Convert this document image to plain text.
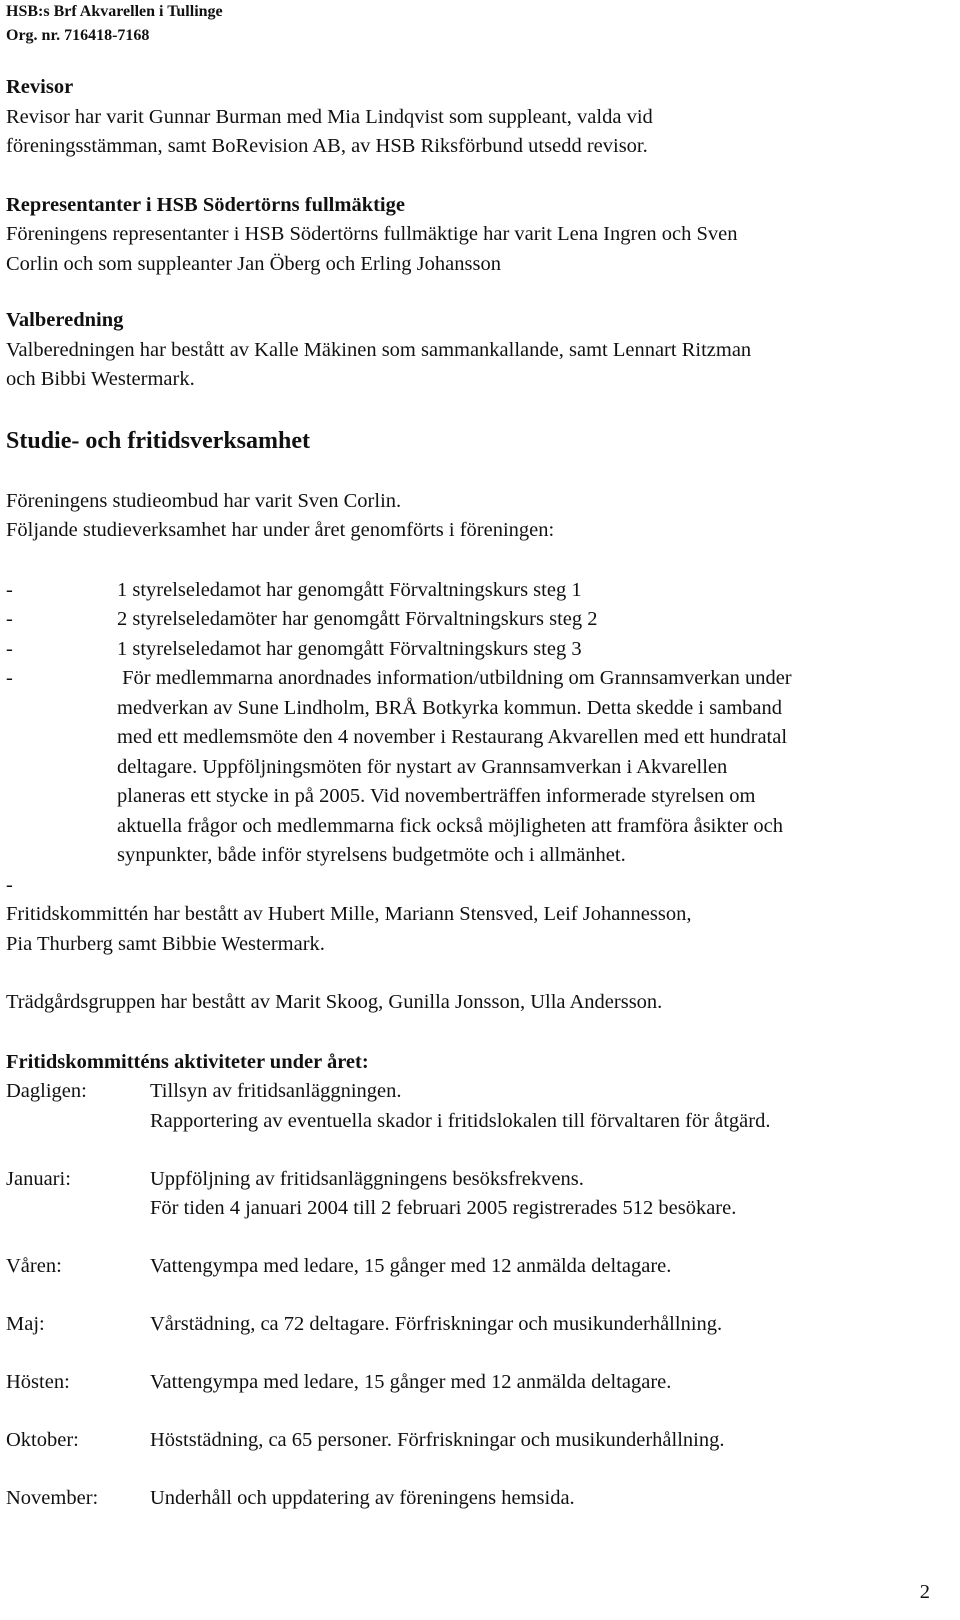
HSB:s Brf Akvarellen i Tullinge
Org. nr. 716418-7168

Revisor

Revisor har varit Gunnar Burman med Mia Lindqvist som suppleant, valda vid

föreningsstämman, samt BoRevision AB, av HSB Riksförbund utsedd revisor.

Representanter i HSB Södertörns fullmäktige

Föreningens representanter i HSB Södertörns fullmäktige har varit Lena Ingren och Sven

Corlin och som suppleanter Jan Öberg och Erling Johansson

Valberedning

Valberedningen har bestått av Kalle Mäkinen som sammankallande, samt Lennart Ritzman

och Bibbi Westermark.

Studie- och fritidsverksamhet

Föreningens studieombud har varit Sven Corlin.

Följande studieverksamhet har under året genomförts i föreningen:

-	1 styrelseledamot har genomgått Förvaltningskurs steg 1
-	2 styrelseledamöter har genomgått Förvaltningskurs steg 2
-	1 styrelseledamot har genomgått Förvaltningskurs steg 3
-	För medlemmarna anordnades information/utbildning om Grannsamverkan under
medverkan av Sune Lindholm, BRÅ Botkyrka kommun. Detta skedde i samband
med ett medlemsmöte den 4 november i Restaurang Akvarellen med ett hundratal
deltagare. Uppföljningsmöten för nystart av Grannsamverkan i Akvarellen
planeras ett stycke in på 2005. Vid novemberträffen informerade styrelsen om
aktuella frågor och medlemmarna fick också möjligheten att framföra åsikter och
synpunkter, både inför styrelsens budgetmöte och i allmänhet.
-

Fritidskommittén har bestått av Hubert Mille, Mariann Stensved, Leif Johannesson,

Pia Thurberg samt Bibbie Westermark.

Trädgårdsgruppen har bestått av Marit Skoog, Gunilla Jonsson, Ulla Andersson.

Fritidskommitténs aktiviteter under året:

Dagligen:	Tillsyn av fritidsanläggningen.
Rapportering av eventuella skador i fritidslokalen till förvaltaren för åtgärd.
Januari:	Uppföljning av fritidsanläggningens besöksfrekvens.
För tiden 4 januari 2004 till 2 februari 2005 registrerades 512 besökare.
Våren:	Vattengympa med ledare, 15 gånger med 12 anmälda deltagare.
Maj:	Vårstädning, ca 72 deltagare. Förfriskningar och musikunderhållning.
Hösten:	Vattengympa med ledare, 15 gånger med 12 anmälda deltagare.
Oktober:	Höststädning, ca 65 personer. Förfriskningar och musikunderhållning.
November:	Underhåll och uppdatering av föreningens hemsida.
2
